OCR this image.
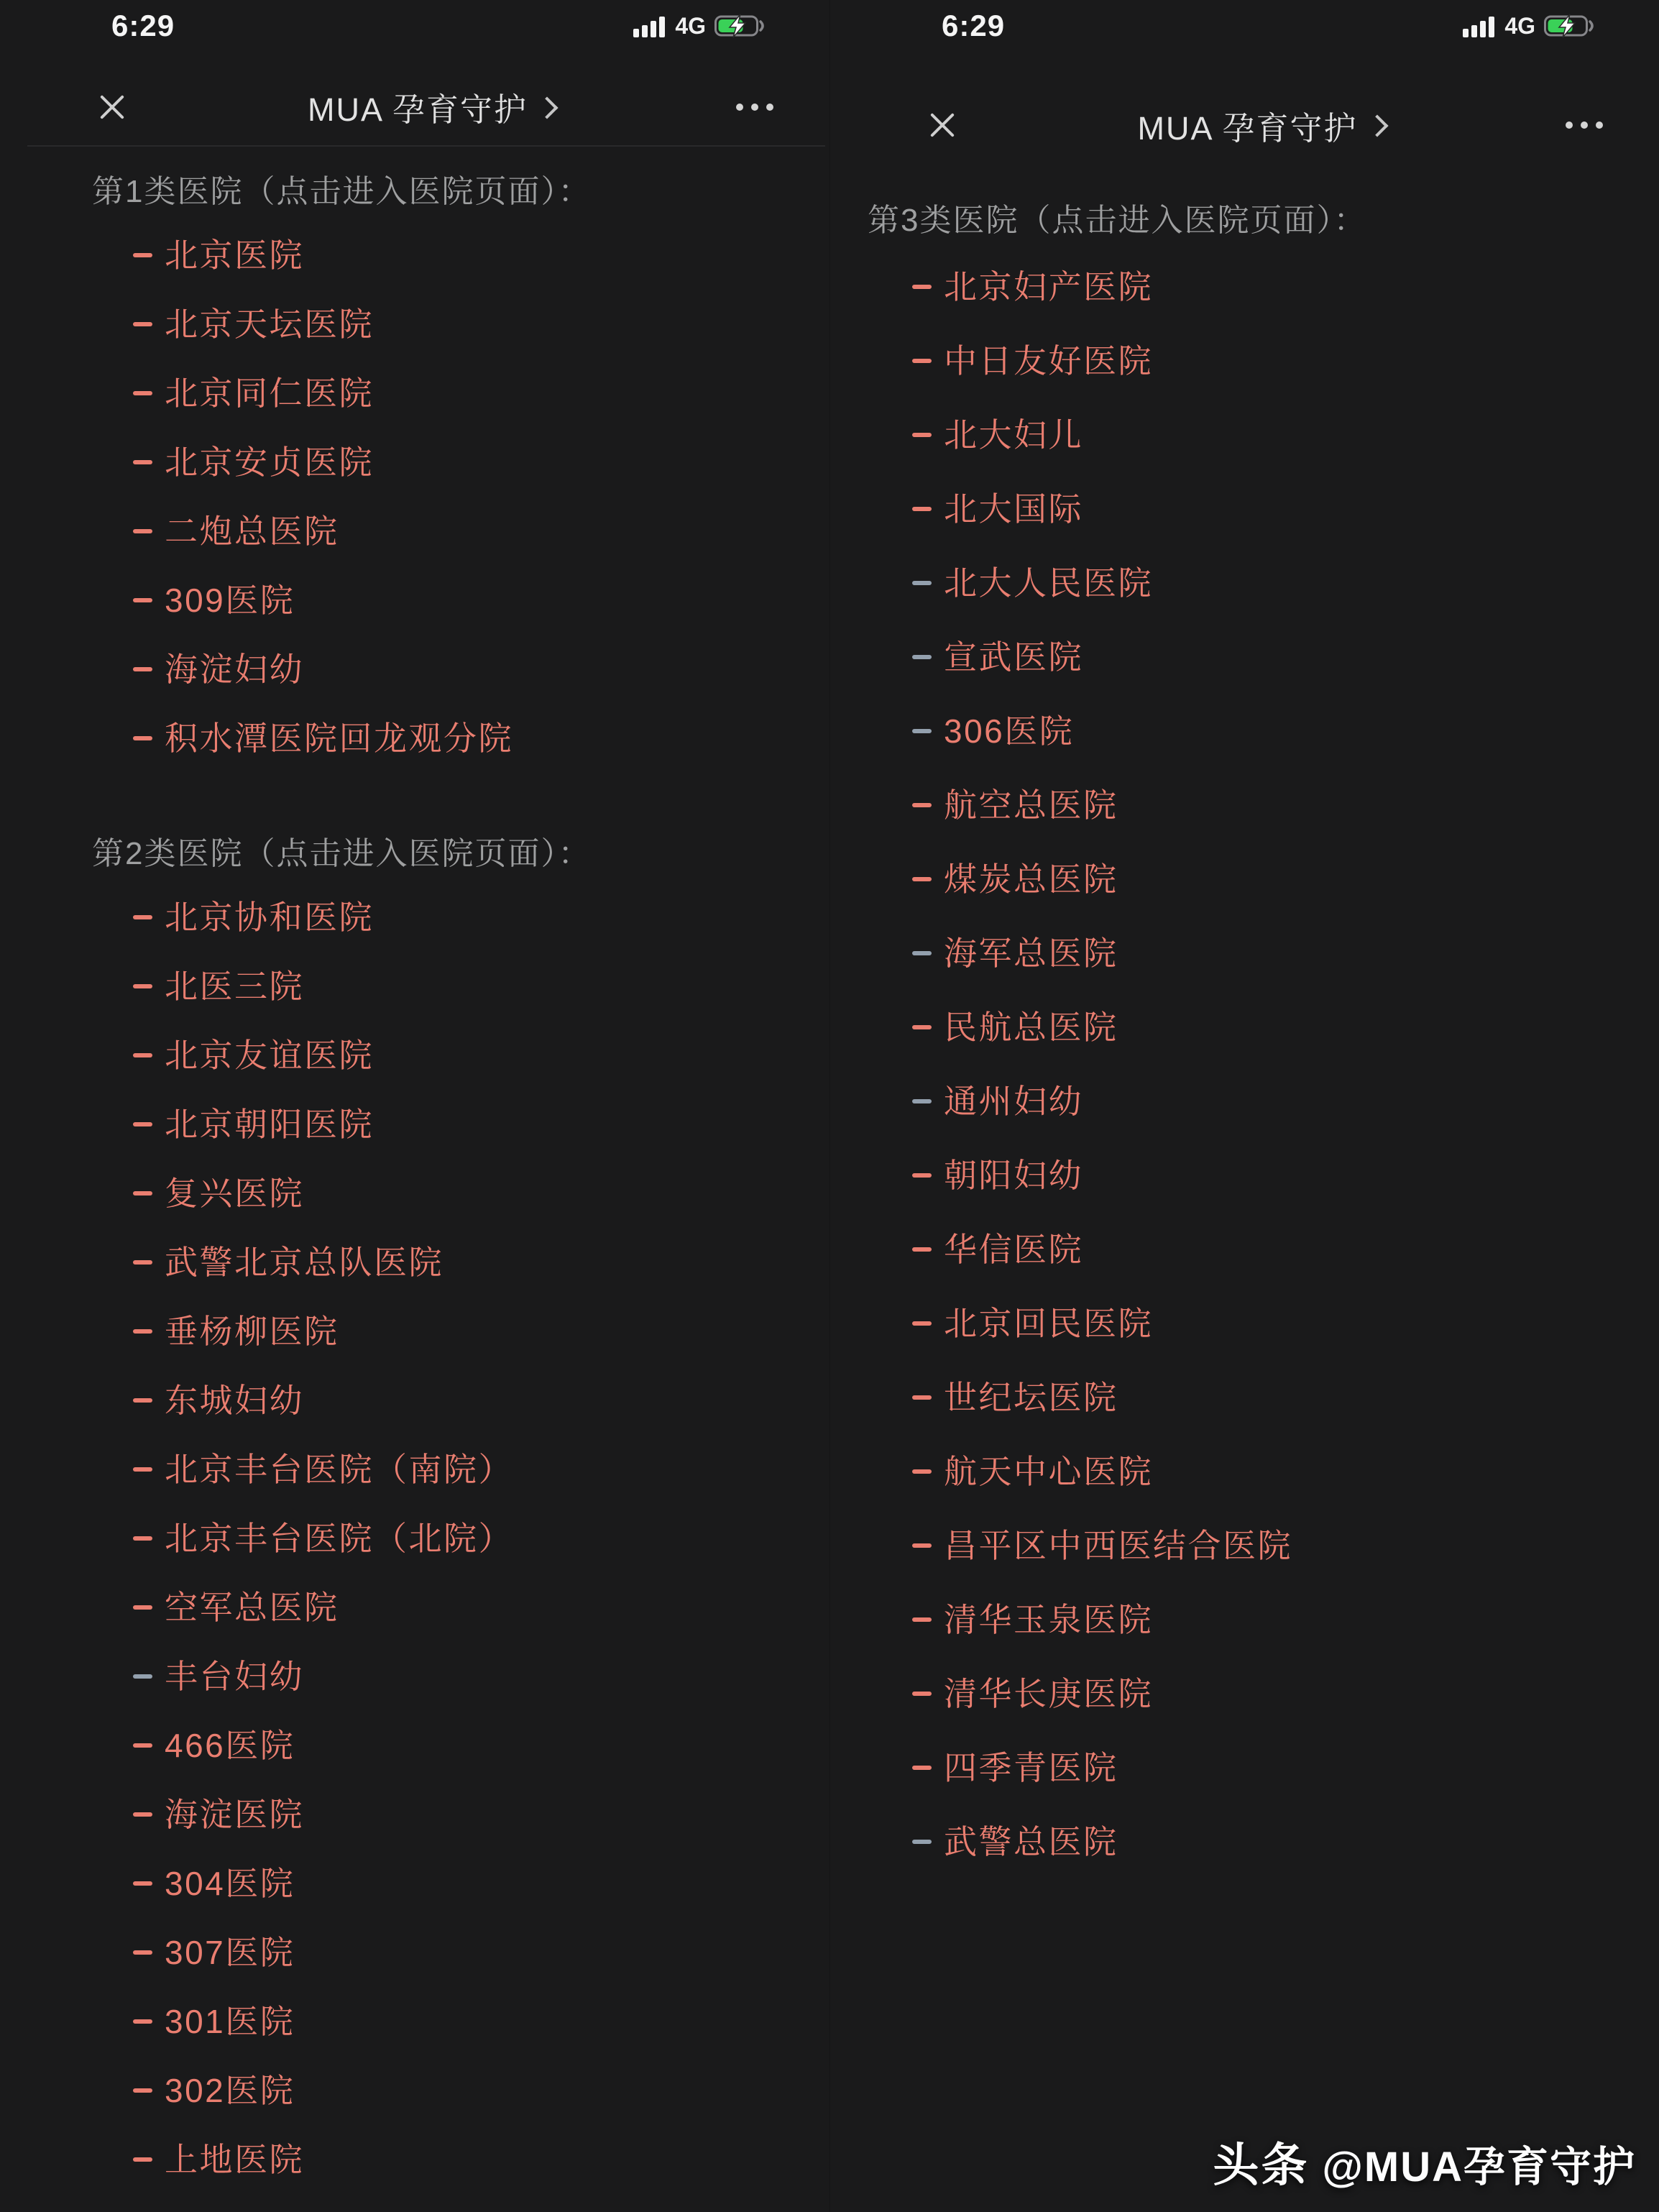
6:29	4G
MUA 孕育守护
第1类医院（点击进入医院页面）：
北京医院
北京天坛医院
北京同仁医院
北京安贞医院
二炮总医院
309医院
海淀妇幼
积水潭医院回龙观分院
第2类医院（点击进入医院页面）：
北京协和医院
北医三院
北京友谊医院
北京朝阳医院
复兴医院
武警北京总队医院
垂杨柳医院
东城妇幼
北京丰台医院（南院）
北京丰台医院（北院）
空军总医院
丰台妇幼
466医院
海淀医院
304医院
307医院
301医院
302医院
上地医院
6:29	4G
MUA 孕育守护
第3类医院（点击进入医院页面）：
北京妇产医院
中日友好医院
北大妇儿
北大国际
北大人民医院
宣武医院
306医院
航空总医院
煤炭总医院
海军总医院
民航总医院
通州妇幼
朝阳妇幼
华信医院
北京回民医院
世纪坛医院
航天中心医院
昌平区中西医结合医院
清华玉泉医院
清华长庚医院
四季青医院
武警总医院
头条 @MUA孕育守护
